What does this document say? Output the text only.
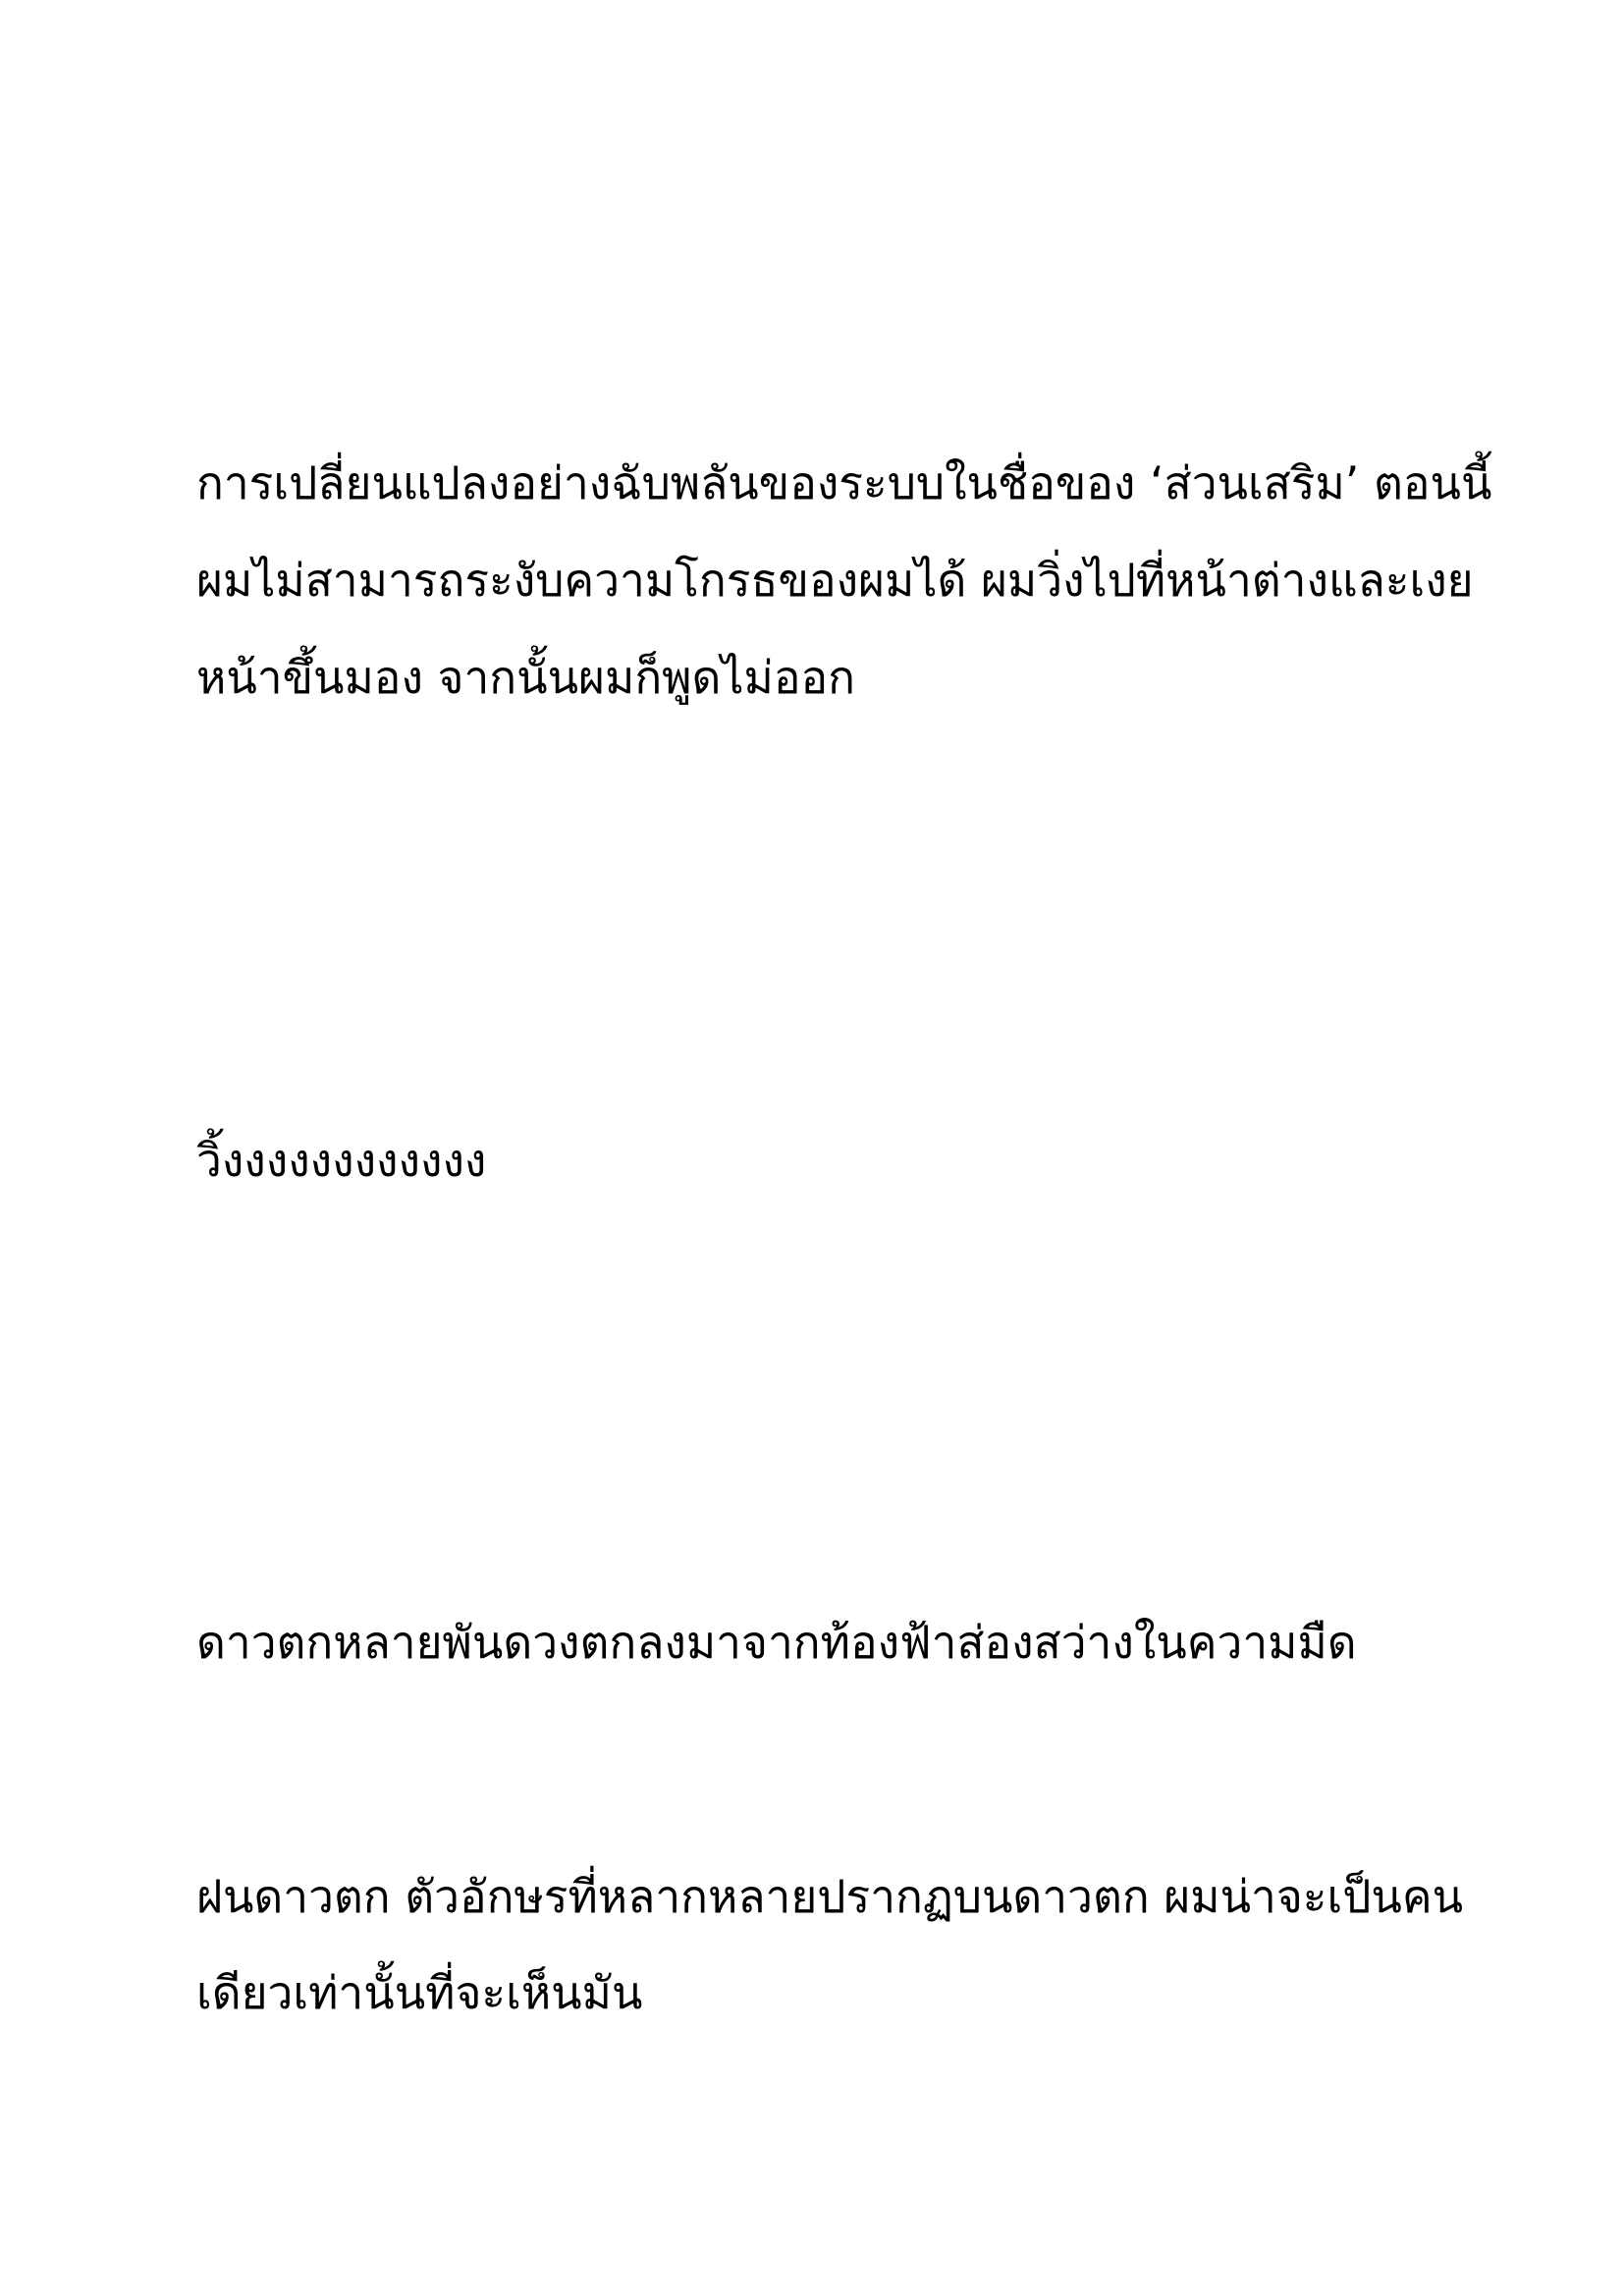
การเปลี่ยนแปลงอย่างฉับพลันของระบบในชื่อของ ‘ส่วนเสริม’ ตอนนี้
ผมไม่สามารถระงับความโกรธของผมได้ ผมวิ่งไปที่หน้าต่างและเงย
หน้าขึ้นมอง จากนั้นผมก็พูดไม่ออก
วิ้งงงงงงงงงงงง
ดาวตกหลายพันดวงตกลงมาจากท้องฟ้าส่องสว่างในความมืด
ฝนดาวตก ตัวอักษรที่หลากหลายปรากฏบนดาวตก ผมน่าจะเป็นคน
เดียวเท่านั้นที่จะเห็นมัน
